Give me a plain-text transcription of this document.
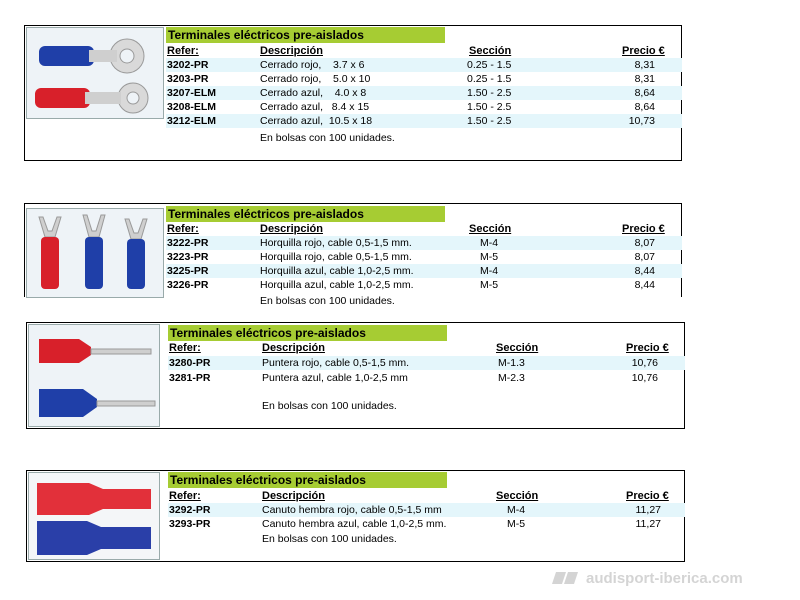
Terminales eléctricos pre-aislados
Refer:	Descripción	Sección	Precio €
3202-PR	Cerrado rojo,    3.7 x 6	0.25 - 1.5	8,31
3203-PR	Cerrado rojo,    5.0 x 10	0.25 - 1.5	8,31
3207-ELM	Cerrado azul,    4.0 x 8	1.50 - 2.5	8,64
3208-ELM	Cerrado azul,   8.4 x 15	1.50 - 2.5	8,64
3212-ELM	Cerrado azul,  10.5 x 18	1.50 - 2.5	10,73
En bolsas con 100 unidades.
Terminales eléctricos pre-aislados
Refer:	Descripción	Sección	Precio €
3222-PR	Horquilla rojo, cable 0,5-1,5 mm.	M-4	8,07
3223-PR	Horquilla rojo, cable 0,5-1,5 mm.	M-5	8,07
3225-PR	Horquilla azul, cable 1,0-2,5 mm.	M-4	8,44
3226-PR	Horquilla azul, cable 1,0-2,5 mm.	M-5	8,44
En bolsas con 100 unidades.
Terminales eléctricos pre-aislados
Refer:	Descripción	Sección	Precio €
3280-PR	Puntera rojo, cable 0,5-1,5 mm.	M-1.3	10,76
3281-PR	Puntera azul, cable 1,0-2,5 mm	M-2.3	10,76
En bolsas con 100 unidades.
Terminales eléctricos pre-aislados
Refer:	Descripción	Sección	Precio €
3292-PR	Canuto hembra rojo, cable 0,5-1,5 mm	M-4	11,27
3293-PR	Canuto hembra azul, cable 1,0-2,5 mm.	M-5	11,27
En bolsas con 100 unidades.
audisport-iberica.com
